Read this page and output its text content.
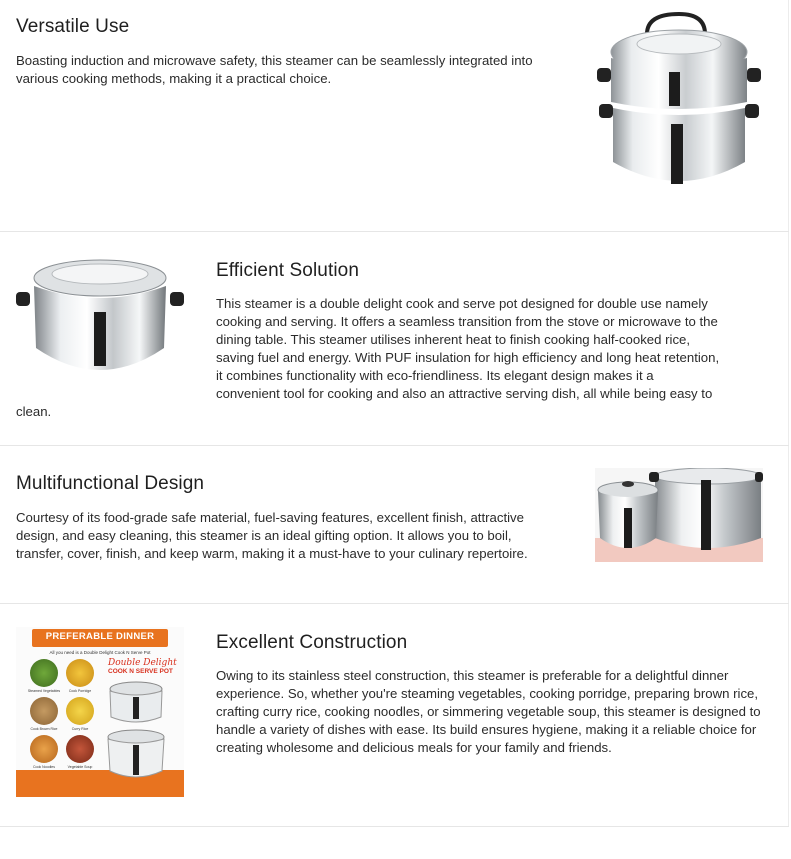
Versatile Use
Boasting induction and microwave safety, this steamer can be seamlessly integrated into various cooking methods, making it a practical choice.
Efficient Solution
This steamer is a double delight cook and serve pot designed for double use namely
cooking and serving. It offers a seamless transition from the stove or microwave to the
dining table. This steamer utilises inherent heat to finish cooking half-cooked rice,
saving fuel and energy. With PUF insulation for high efficiency and long heat retention,
it combines functionality with eco-friendliness. Its elegant design makes it a
convenient tool for cooking and also an attractive serving dish, all while being easy to
clean.
Multifunctional Design
Courtesy of its food-grade safe material, fuel-saving features, excellent finish, attractive design, and easy cleaning, this steamer is an ideal gifting option. It allows you to boil, transfer, cover, finish, and keep warm, making it a must-have to your culinary repertoire.
PREFERABLE DINNER
All you need is a Double Delight Cook N Serve Pot
Double Delight
COOK N SERVE POT
Steamed Vegetables	Cook Porridge
Cook Brown Rice	Curry Rice
Cook Noodles	Vegetable Soup
Excellent Construction
Owing to its stainless steel construction, this steamer is preferable for a delightful dinner experience. So, whether you're steaming vegetables, cooking porridge, preparing brown rice, crafting curry rice, cooking noodles, or simmering vegetable soup, this steamer is designed to handle a variety of dishes with ease. Its build ensures hygiene, making it a reliable choice for creating wholesome and delicious meals for your family and friends.
